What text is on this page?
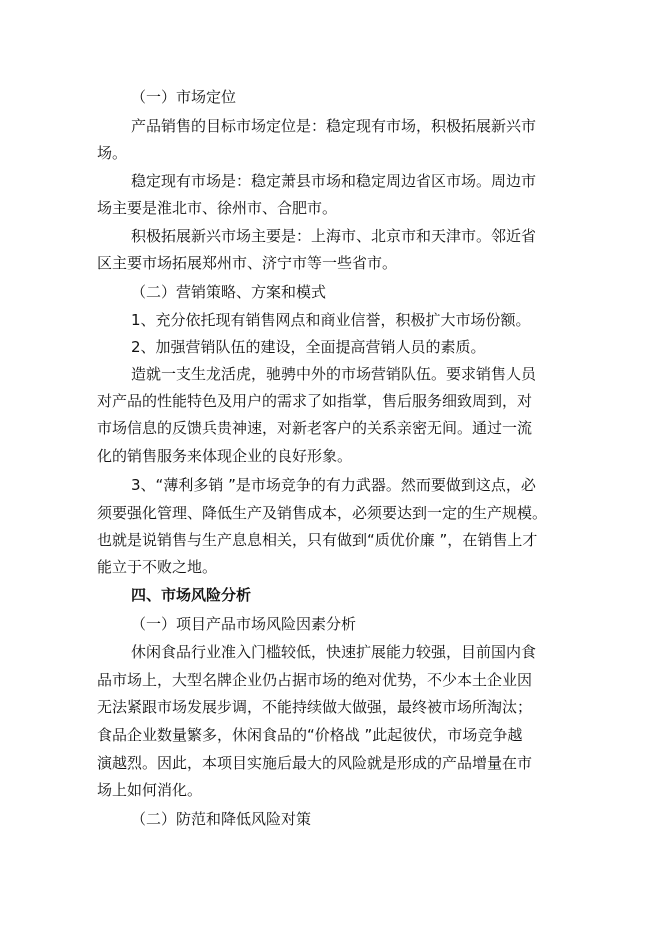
（一）市场定位
产品销售的目标市场定位是：稳定现有市场，积极拓展新兴市
场。
稳定现有市场是：稳定萧县市场和稳定周边省区市场。周边市
场主要是淮北市、徐州市、合肥市。
积极拓展新兴市场主要是：上海市、北京市和天津市。邻近省
区主要市场拓展郑州市、济宁市等一些省市。
（二）营销策略、方案和模式
1、充分依托现有销售网点和商业信誉，积极扩大市场份额。
2、加强营销队伍的建设，全面提高营销人员的素质。
造就一支生龙活虎，驰骋中外的市场营销队伍。要求销售人员
对产品的性能特色及用户的需求了如指掌，售后服务细致周到，对
市场信息的反馈兵贵神速，对新老客户的关系亲密无间。通过一流
化的销售服务来体现企业的良好形象。
3、“薄利多销 ”是市场竞争的有力武器。然而要做到这点，必
须要强化管理、降低生产及销售成本，必须要达到一定的生产规模。
也就是说销售与生产息息相关，只有做到“质优价廉 ”，在销售上才
能立于不败之地。
四、市场风险分析
（一）项目产品市场风险因素分析
休闲食品行业准入门槛较低，快速扩展能力较强，目前国内食
品市场上，大型名牌企业仍占据市场的绝对优势，不少本土企业因
无法紧跟市场发展步调，不能持续做大做强，最终被市场所淘汰；
食品企业数量繁多，休闲食品的“价格战 ”此起彼伏，市场竞争越
演越烈。因此，本项目实施后最大的风险就是形成的产品增量在市
场上如何消化。
（二）防范和降低风险对策
